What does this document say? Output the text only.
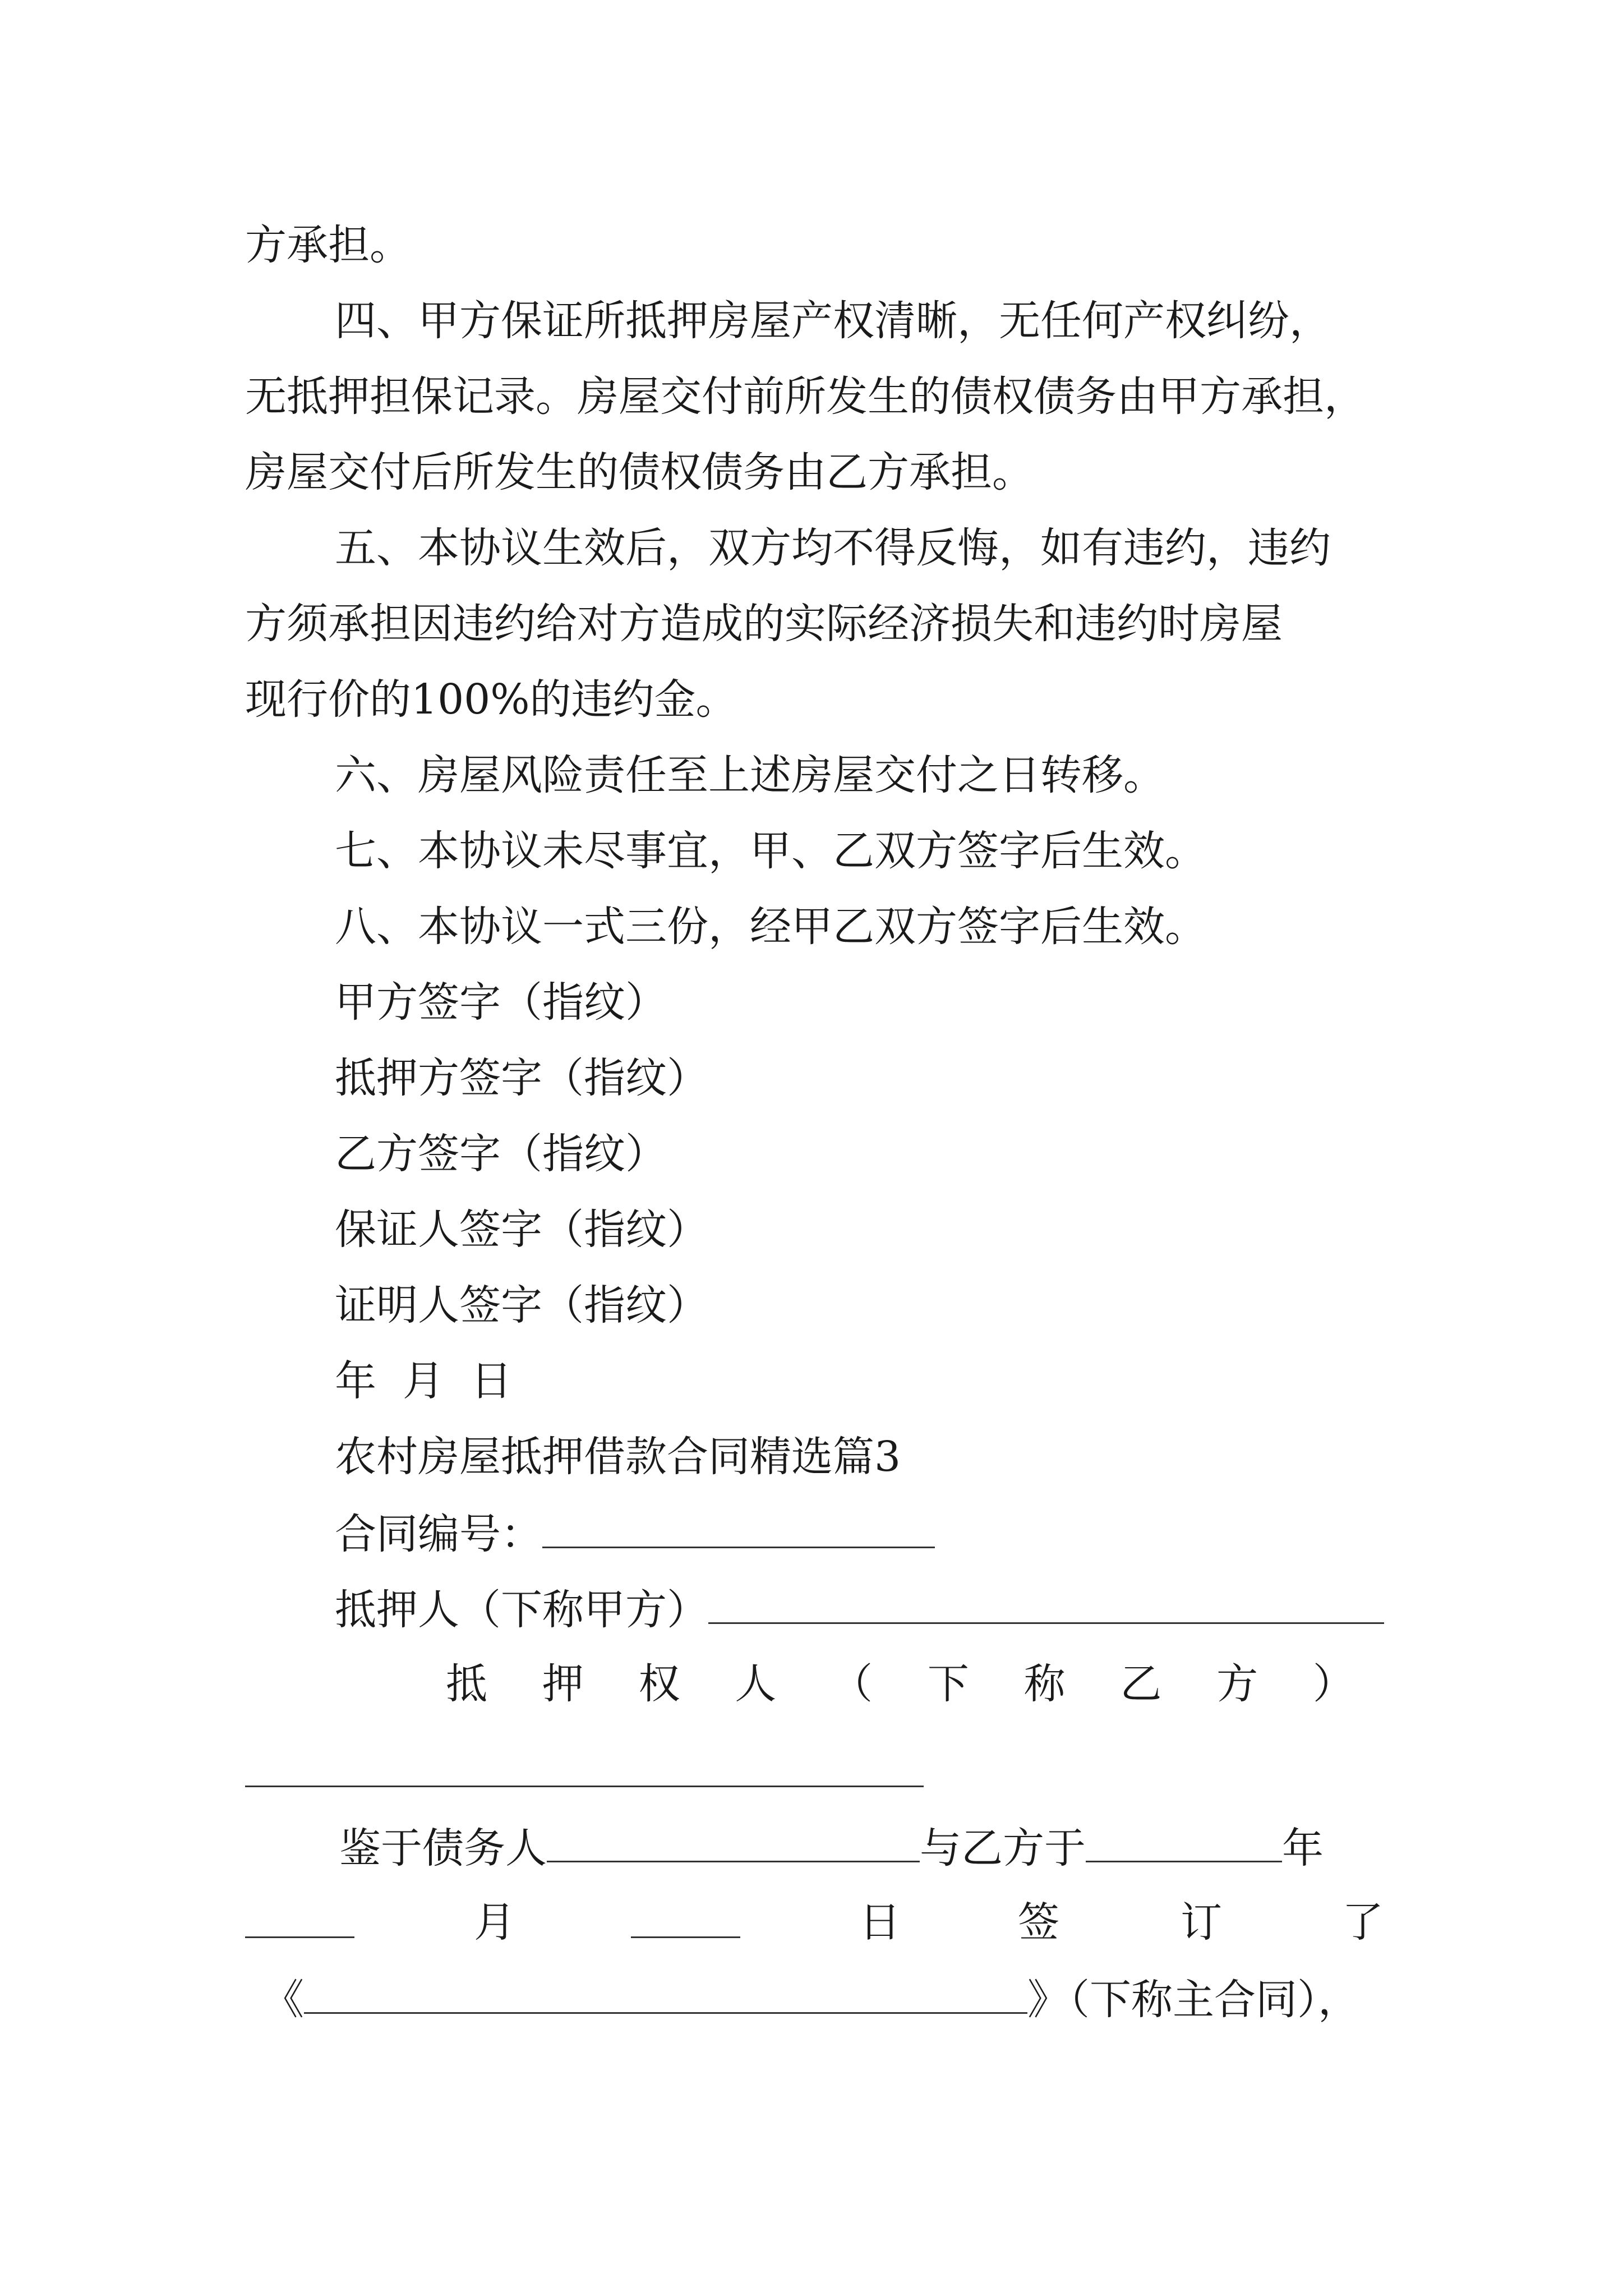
方承担。
四、甲方保证所抵押房屋产权清晰，无任何产权纠纷，
无抵押担保记录。房屋交付前所发生的债权债务由甲方承担，
房屋交付后所发生的债权债务由乙方承担。
五、本协议生效后，双方均不得反悔，如有违约，违约
方须承担因违约给对方造成的实际经济损失和违约时房屋
现行价的100%的违约金。
六、房屋风险责任至上述房屋交付之日转移。
七、本协议未尽事宜，甲、乙双方签字后生效。
八、本协议一式三份，经甲乙双方签字后生效。
甲方签字（指纹）
抵押方签字（指纹）
乙方签字（指纹）
保证人签字（指纹）
证明人签字（指纹）
年  月  日
农村房屋抵押借款合同精选篇3
合同编号：
抵押人（下称甲方）
抵 押 权 人 （ 下 称 乙 方 ）
鉴于债务人	与乙方于	年
月	日	签	订	了
《	》（下称主合同），
